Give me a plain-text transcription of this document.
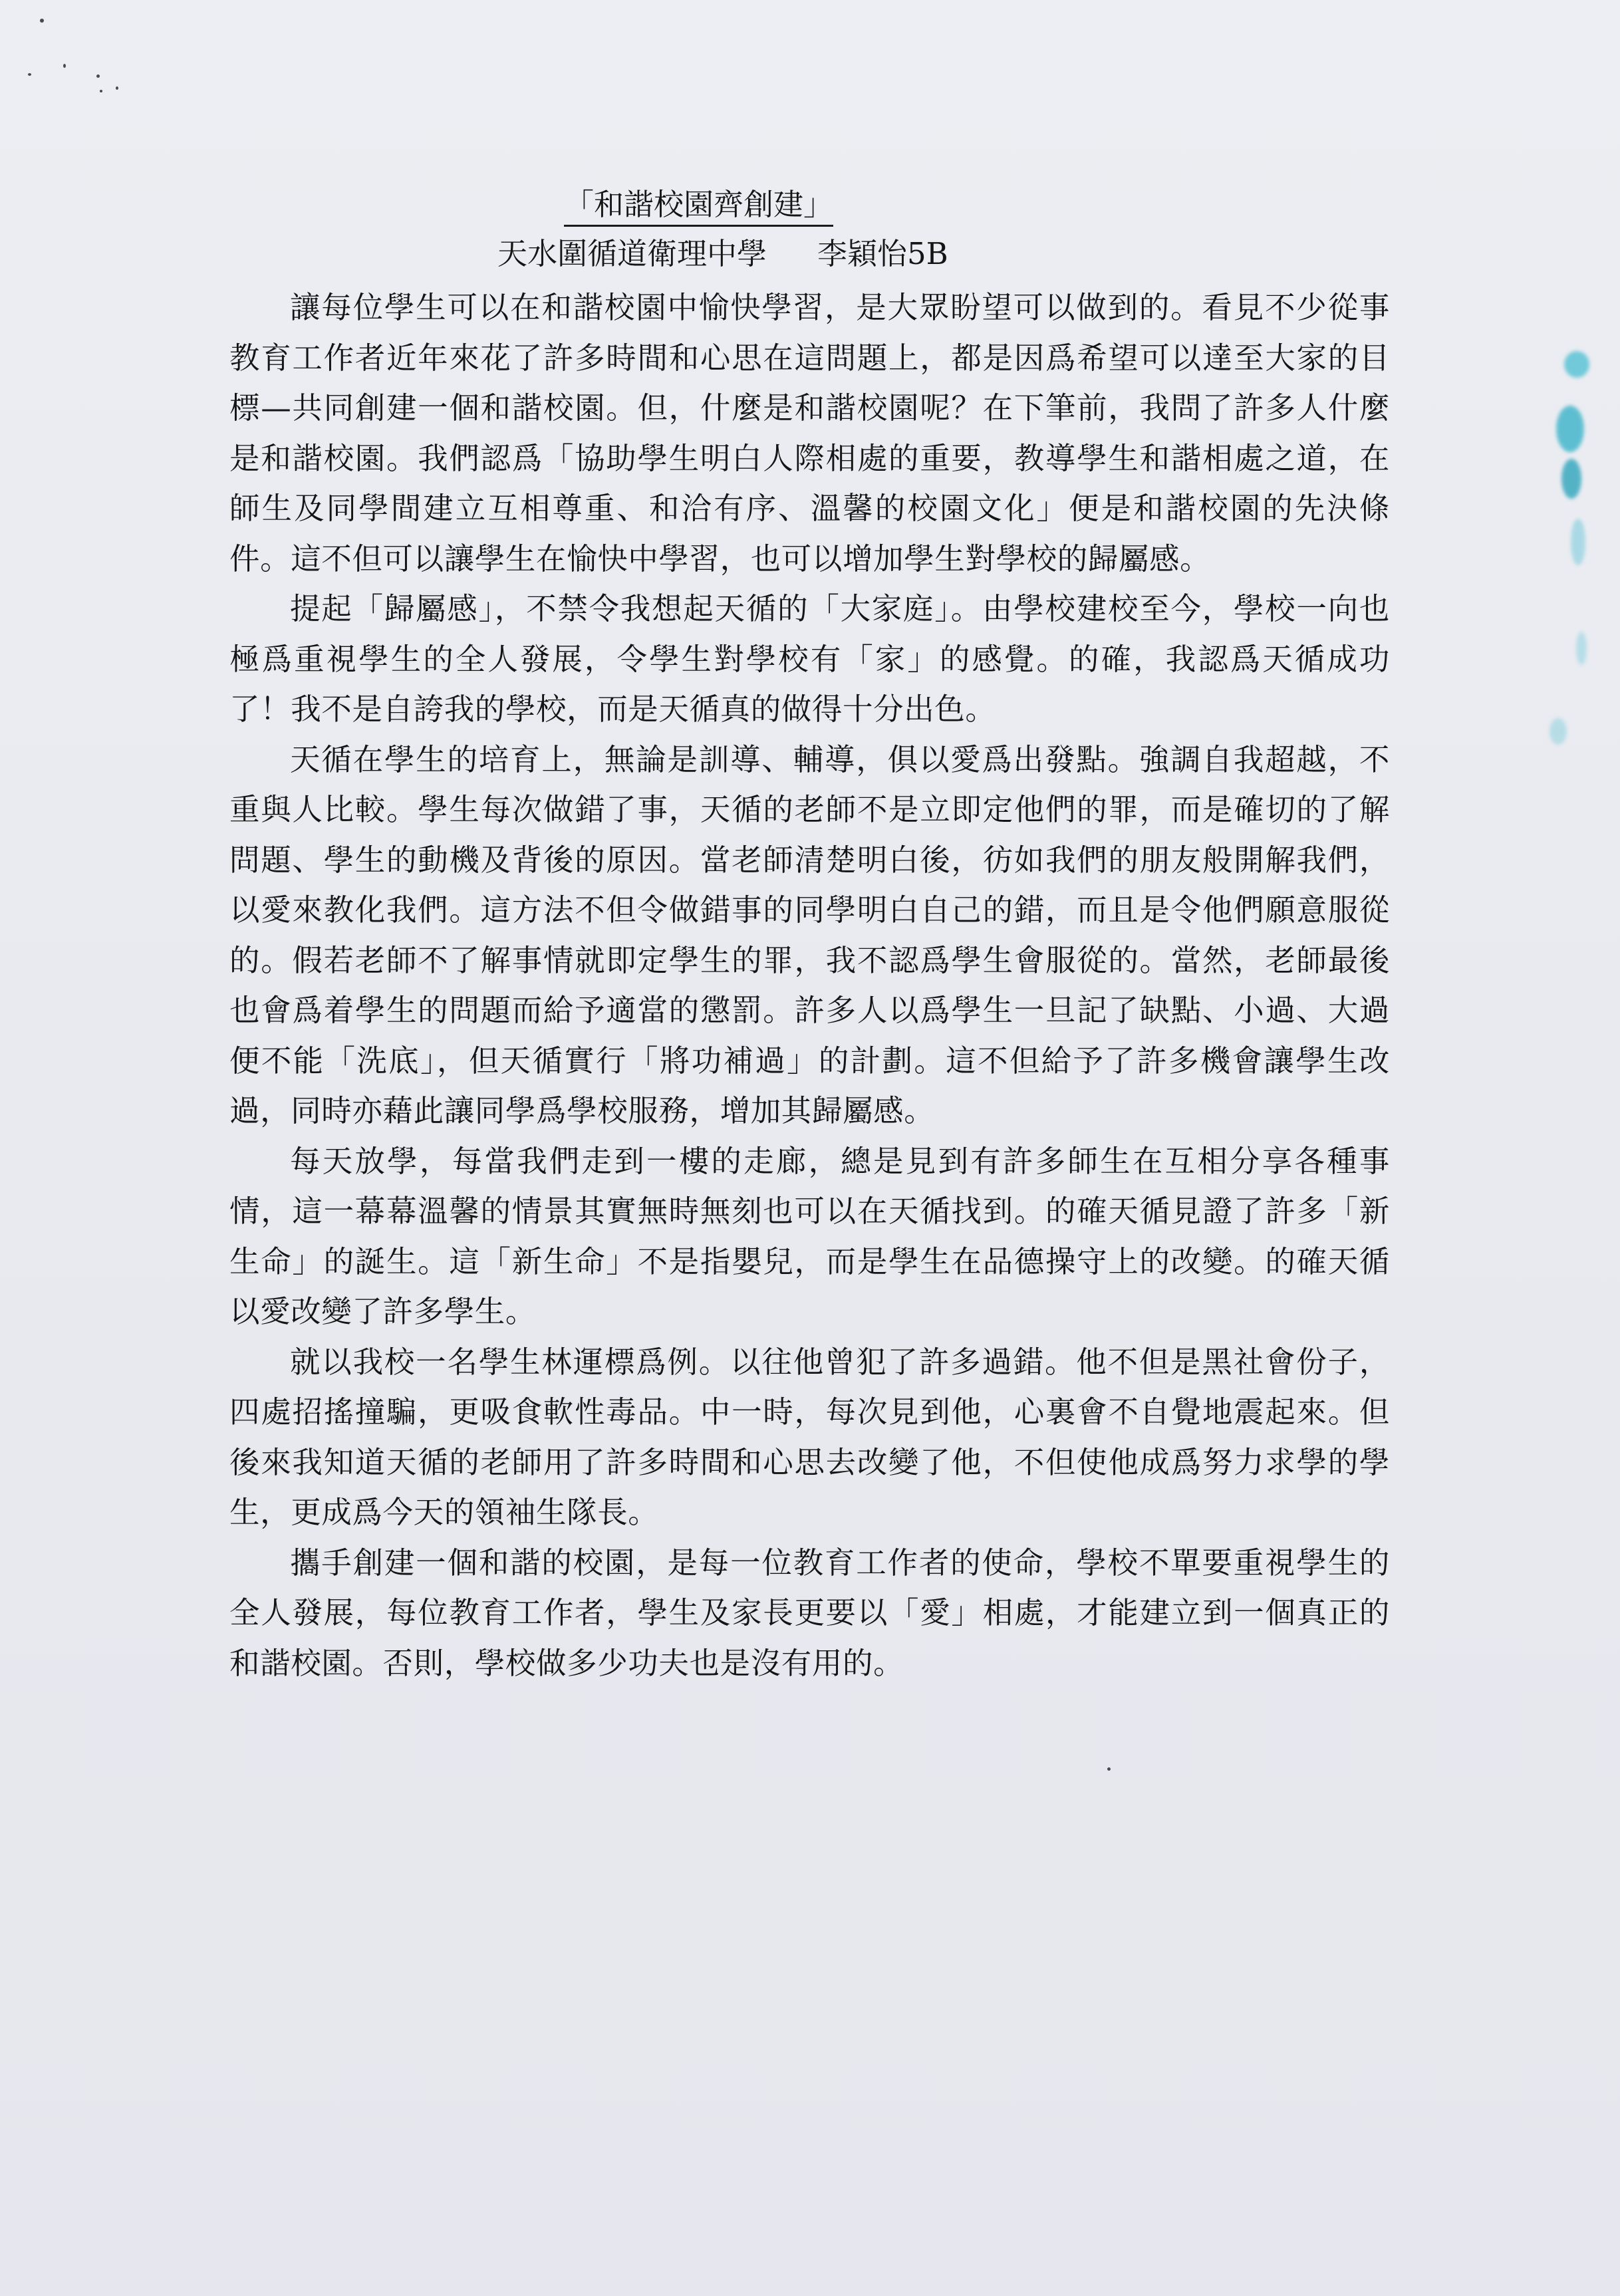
「和諧校園齊創建」
天水圍循道衛理中學 李穎怡5B

讓每位學生可以在和諧校園中愉快學習，是大眾盼望可以做到的。看見不少從事教育工作者近年來花了許多時間和心思在這問題上，都是因爲希望可以達至大家的目標—共同創建一個和諧校園。但，什麼是和諧校園呢？在下筆前，我問了許多人什麼是和諧校園。我們認爲「協助學生明白人際相處的重要，教導學生和諧相處之道，在師生及同學間建立互相尊重、和洽有序、溫馨的校園文化」便是和諧校園的先決條件。這不但可以讓學生在愉快中學習，也可以增加學生對學校的歸屬感。

提起「歸屬感」，不禁令我想起天循的「大家庭」。由學校建校至今，學校一向也極爲重視學生的全人發展，令學生對學校有「家」的感覺。的確，我認爲天循成功了！我不是自誇我的學校，而是天循真的做得十分出色。

天循在學生的培育上，無論是訓導、輔導，俱以愛爲出發點。強調自我超越，不重與人比較。學生每次做錯了事，天循的老師不是立即定他們的罪，而是確切的了解問題、學生的動機及背後的原因。當老師清楚明白後，彷如我們的朋友般開解我們，以愛來教化我們。這方法不但令做錯事的同學明白自己的錯，而且是令他們願意服從的。假若老師不了解事情就即定學生的罪，我不認爲學生會服從的。當然，老師最後也會爲着學生的問題而給予適當的懲罰。許多人以爲學生一旦記了缺點、小過、大過便不能「洗底」，但天循實行「將功補過」的計劃。這不但給予了許多機會讓學生改過，同時亦藉此讓同學爲學校服務，增加其歸屬感。

每天放學，每當我們走到一樓的走廊，總是見到有許多師生在互相分享各種事情，這一幕幕溫馨的情景其實無時無刻也可以在天循找到。的確天循見證了許多「新生命」的誕生。這「新生命」不是指嬰兒，而是學生在品德操守上的改變。的確天循以愛改變了許多學生。

就以我校一名學生林運標爲例。以往他曾犯了許多過錯。他不但是黑社會份子，四處招搖撞騙，更吸食軟性毒品。中一時，每次見到他，心裏會不自覺地震起來。但後來我知道天循的老師用了許多時間和心思去改變了他，不但使他成爲努力求學的學生，更成爲今天的領袖生隊長。

攜手創建一個和諧的校園，是每一位教育工作者的使命，學校不單要重視學生的全人發展，每位教育工作者，學生及家長更要以「愛」相處，才能建立到一個真正的和諧校園。否則，學校做多少功夫也是沒有用的。
